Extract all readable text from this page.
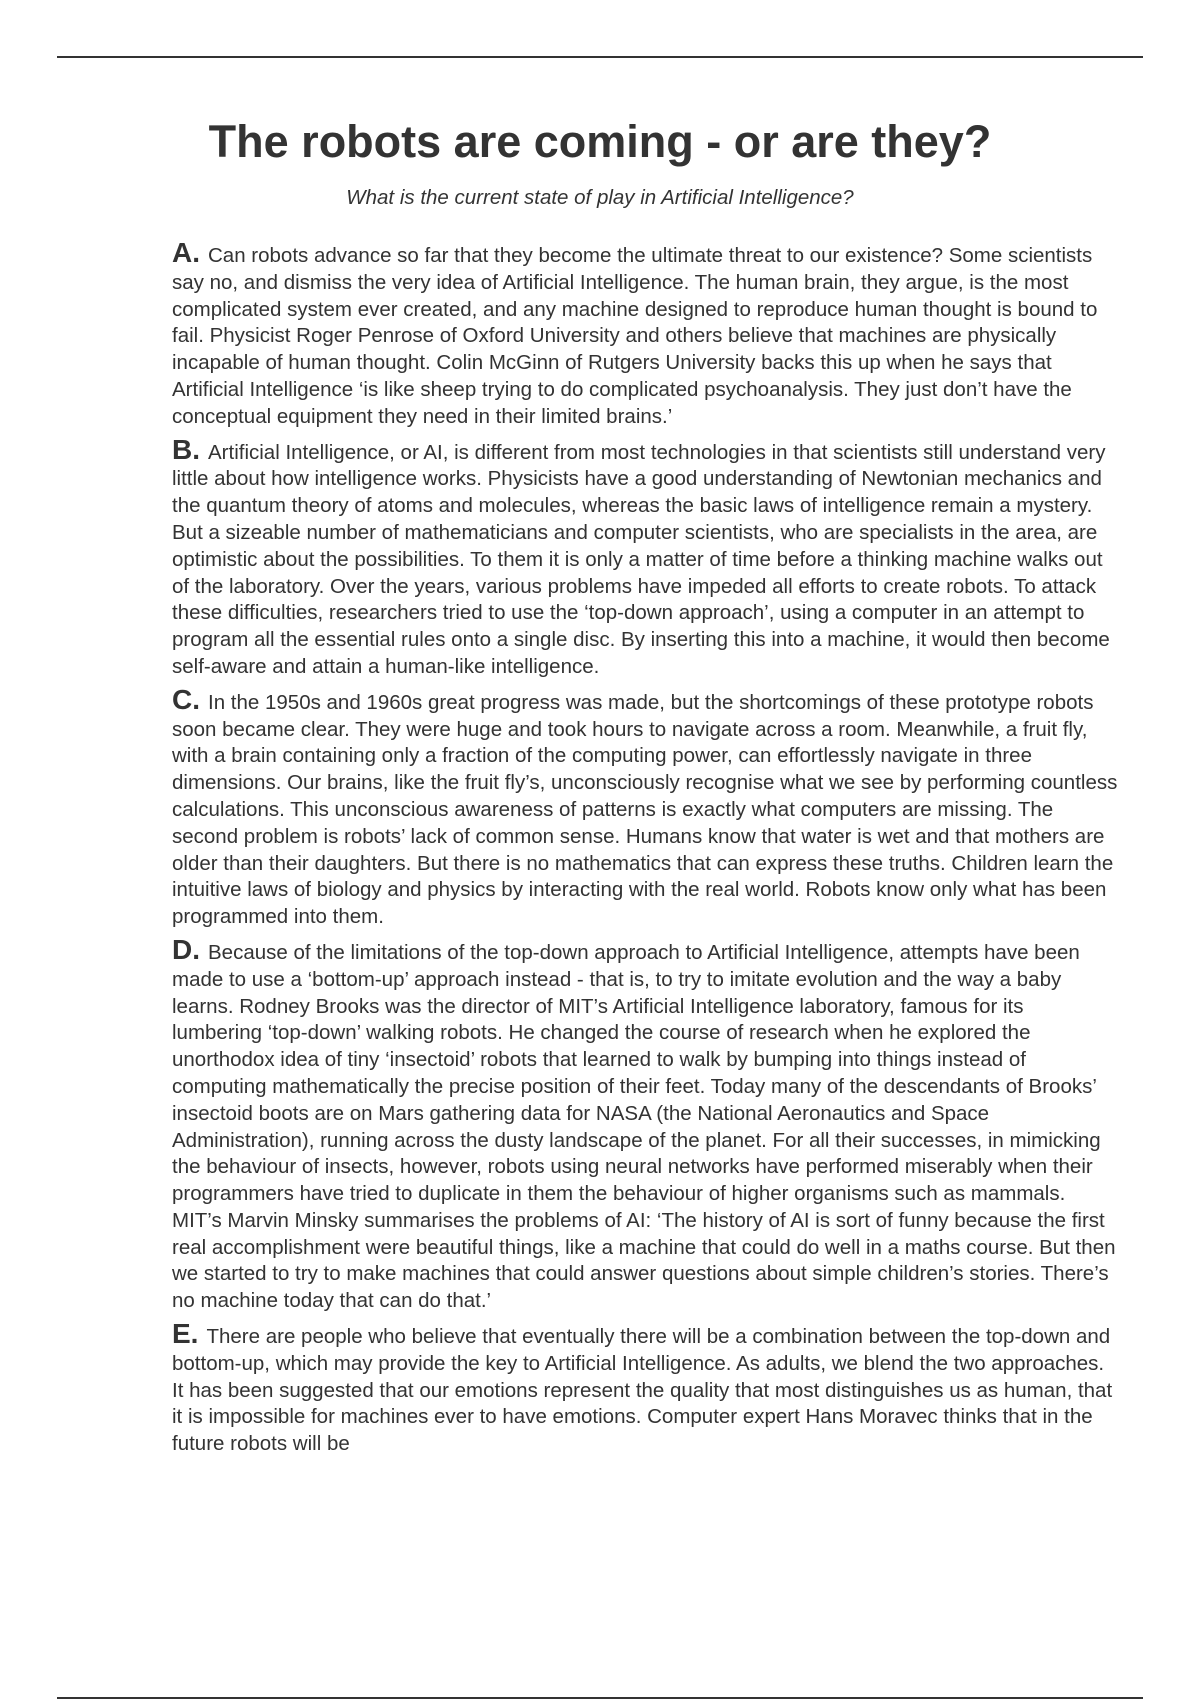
The robots are coming - or are they?

What is the current state of play in Artificial Intelligence?

A. Can robots advance so far that they become the ultimate threat to our existence? Some scientists say no, and dismiss the very idea of Artificial Intelligence. The human brain, they argue, is the most complicated system ever created, and any machine designed to reproduce human thought is bound to fail. Physicist Roger Penrose of Oxford University and others believe that machines are physically incapable of human thought. Colin McGinn of Rutgers University backs this up when he says that Artificial Intelligence ‘is like sheep trying to do complicated psychoanalysis. They just don’t have the conceptual equipment they need in their limited brains.’

B. Artificial Intelligence, or AI, is different from most technologies in that scientists still understand very little about how intelligence works. Physicists have a good understanding of Newtonian mechanics and the quantum theory of atoms and molecules, whereas the basic laws of intelligence remain a mystery. But a sizeable number of mathematicians and computer scientists, who are specialists in the area, are optimistic about the possibilities. To them it is only a matter of time before a thinking machine walks out of the laboratory. Over the years, various problems have impeded all efforts to create robots. To attack these difficulties, researchers tried to use the ‘top-down approach’, using a computer in an attempt to program all the essential rules onto a single disc. By inserting this into a machine, it would then become self-aware and attain a human-like intelligence.

C. In the 1950s and 1960s great progress was made, but the shortcomings of these prototype robots soon became clear. They were huge and took hours to navigate across a room. Meanwhile, a fruit fly, with a brain containing only a fraction of the computing power, can effortlessly navigate in three dimensions. Our brains, like the fruit fly’s, unconsciously recognise what we see by performing countless calculations. This unconscious awareness of patterns is exactly what computers are missing. The second problem is robots’ lack of common sense. Humans know that water is wet and that mothers are older than their daughters. But there is no mathematics that can express these truths. Children learn the intuitive laws of biology and physics by interacting with the real world. Robots know only what has been programmed into them.

D. Because of the limitations of the top-down approach to Artificial Intelligence, attempts have been made to use a ‘bottom-up’ approach instead - that is, to try to imitate evolution and the way a baby learns. Rodney Brooks was the director of MIT’s Artificial Intelligence laboratory, famous for its lumbering ‘top-down’ walking robots. He changed the course of research when he explored the unorthodox idea of tiny ‘insectoid’ robots that learned to walk by bumping into things instead of computing mathematically the precise position of their feet. Today many of the descendants of Brooks’ insectoid boots are on Mars gathering data for NASA (the National Aeronautics and Space Administration), running across the dusty landscape of the planet. For all their successes, in mimicking the behaviour of insects, however, robots using neural networks have performed miserably when their programmers have tried to duplicate in them the behaviour of higher organisms such as mammals. MIT’s Marvin Minsky summarises the problems of AI: ‘The history of AI is sort of funny because the first real accomplishment were beautiful things, like a machine that could do well in a maths course. But then we started to try to make machines that could answer questions about simple children’s stories. There’s no machine today that can do that.’

E. There are people who believe that eventually there will be a combination between the top-down and bottom-up, which may provide the key to Artificial Intelligence. As adults, we blend the two approaches. It has been suggested that our emotions represent the quality that most distinguishes us as human, that it is impossible for machines ever to have emotions. Computer expert Hans Moravec thinks that in the future robots will be
